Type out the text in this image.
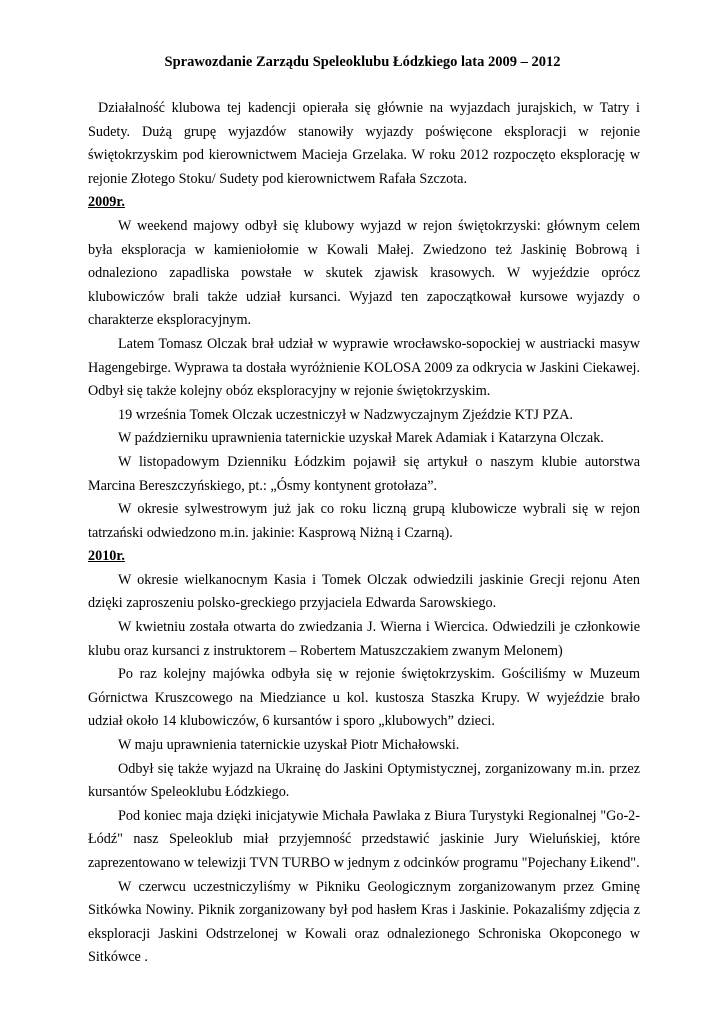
Sprawozdanie Zarządu Speleoklubu Łódzkiego lata 2009 – 2012

Działalność klubowa tej kadencji opierała się głównie na wyjazdach jurajskich, w Tatry i Sudety. Dużą grupę wyjazdów stanowiły wyjazdy poświęcone eksploracji w rejonie świętokrzyskim pod kierownictwem Macieja Grzelaka. W roku 2012 rozpoczęto eksplorację w rejonie Złotego Stoku/ Sudety pod kierownictwem Rafała Szczota.

2009r.

W weekend majowy odbył się klubowy wyjazd w rejon świętokrzyski: głównym celem była eksploracja w kamieniołomie w Kowali Małej. Zwiedzono też Jaskinię Bobrową i odnaleziono zapadliska powstałe w skutek zjawisk krasowych. W wyjeździe oprócz klubowiczów brali także udział kursanci. Wyjazd ten zapoczątkował kursowe wyjazdy o charakterze eksploracyjnym.

Latem Tomasz Olczak brał udział w wyprawie wrocławsko-sopockiej w austriacki masyw Hagengebirge. Wyprawa ta dostała wyróżnienie KOLOSA 2009 za odkrycia w Jaskini Ciekawej. Odbył się także kolejny obóz eksploracyjny w rejonie świętokrzyskim.

19 września Tomek Olczak uczestniczył w Nadzwyczajnym Zjeździe KTJ PZA.

W październiku uprawnienia taternickie uzyskał Marek Adamiak i Katarzyna Olczak.

W listopadowym Dzienniku Łódzkim pojawił się artykuł o naszym klubie autorstwa Marcina Bereszczyńskiego, pt.: „Ósmy kontynent grotołaza”.

W okresie sylwestrowym już jak co roku liczną grupą klubowicze wybrali się w rejon tatrzański odwiedzono m.in. jakinie: Kasprową Niżną i Czarną).

2010r.

W okresie wielkanocnym Kasia i Tomek Olczak odwiedzili jaskinie Grecji rejonu Aten dzięki zaproszeniu polsko-greckiego przyjaciela Edwarda Sarowskiego.

W kwietniu została otwarta do zwiedzania J. Wierna i Wiercica. Odwiedzili je członkowie klubu oraz kursanci z instruktorem – Robertem Matuszczakiem zwanym Melonem)

Po raz kolejny majówka odbyła się w rejonie świętokrzyskim. Gościliśmy w Muzeum Górnictwa Kruszcowego na Miedziance u kol. kustosza Staszka Krupy. W wyjeździe brało udział około 14 klubowiczów, 6 kursantów i sporo „klubowych” dzieci.

W maju uprawnienia taternickie uzyskał Piotr Michałowski.

Odbył się także wyjazd na Ukrainę do Jaskini Optymistycznej, zorganizowany m.in. przez kursantów Speleoklubu Łódzkiego.

Pod koniec maja dzięki inicjatywie Michała Pawlaka z Biura Turystyki Regionalnej "Go-2-Łódź" nasz Speleoklub miał przyjemność przedstawić jaskinie Jury Wieluńskiej, które zaprezentowano w telewizji TVN TURBO w jednym z odcinków programu "Pojechany Łikend".

W czerwcu uczestniczyliśmy w Pikniku Geologicznym zorganizowanym przez Gminę Sitkówka Nowiny. Piknik zorganizowany był pod hasłem Kras i Jaskinie. Pokazaliśmy zdjęcia z eksploracji Jaskini Odstrzelonej w Kowali oraz odnalezionego Schroniska Okopconego w Sitkówce .
